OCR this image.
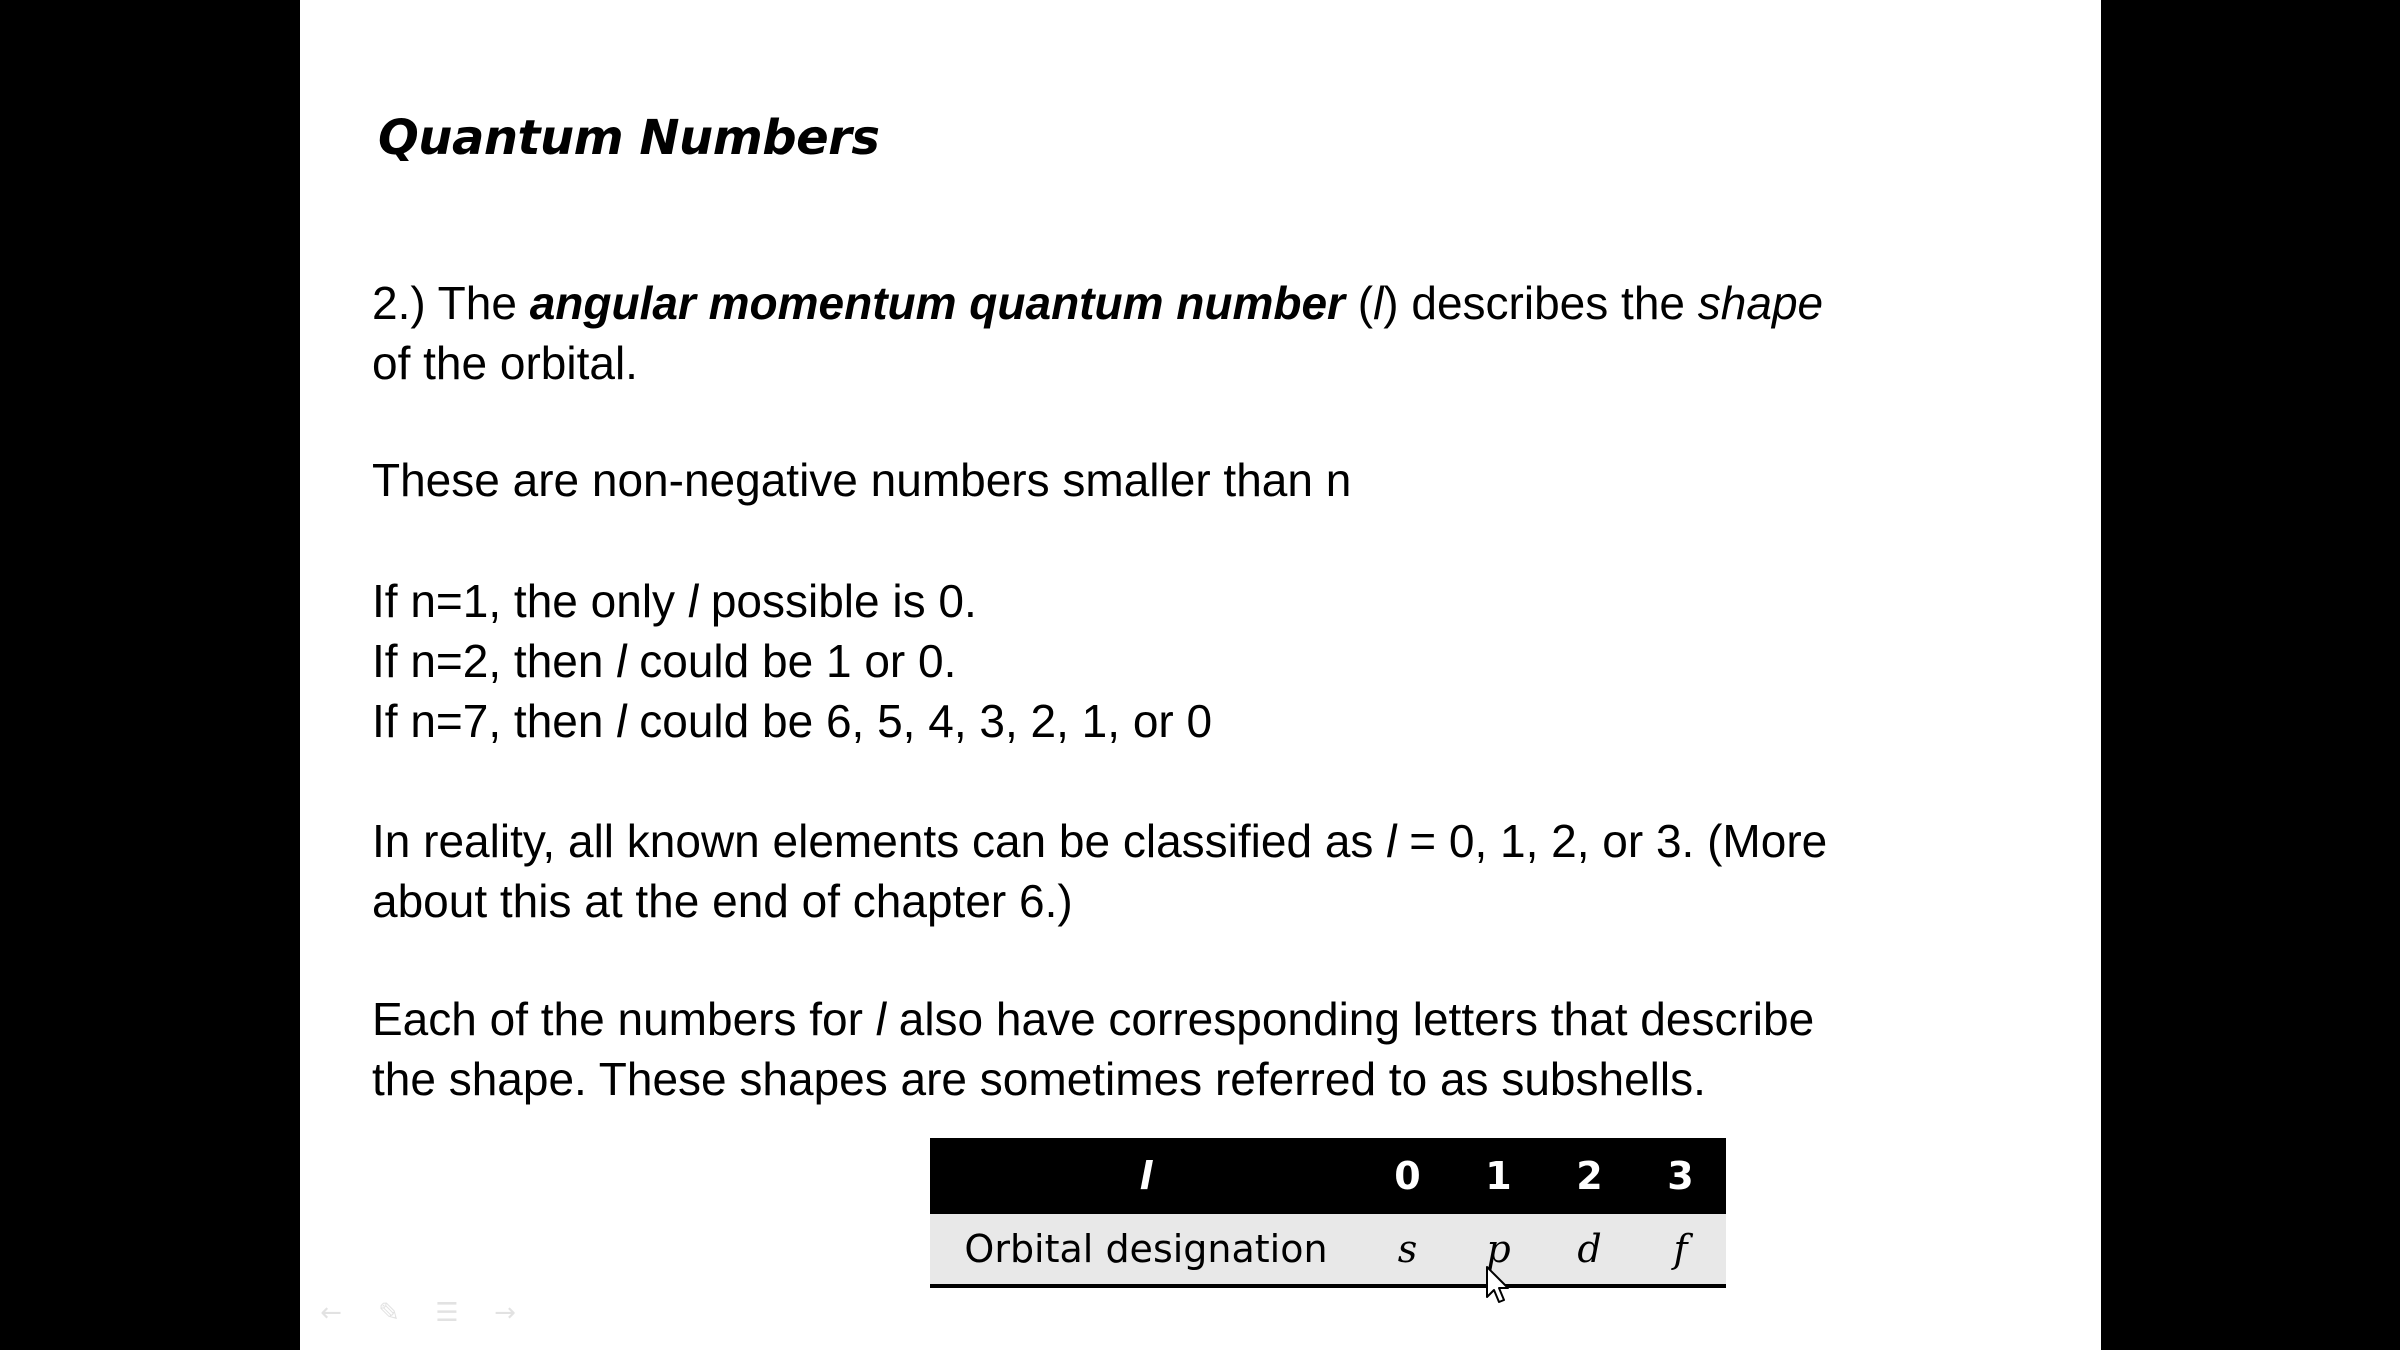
Quantum Numbers

2.) The angular momentum quantum number (l) describes the shape
of the orbital.

These are non-negative numbers smaller than n

If n=1, the only l possible is 0.
If n=2, then l could be 1 or 0.
If n=7, then l could be 6, 5, 4, 3, 2, 1, or 0

In reality, all known elements can be classified as l = 0, 1, 2, or 3. (More
about this at the end of chapter 6.)

Each of the numbers for l also have corresponding letters that describe
the shape. These shapes are sometimes referred to as subshells.

l	0	1	2	3
Orbital designation	s	p	d	f
← ✎ ☰ →
